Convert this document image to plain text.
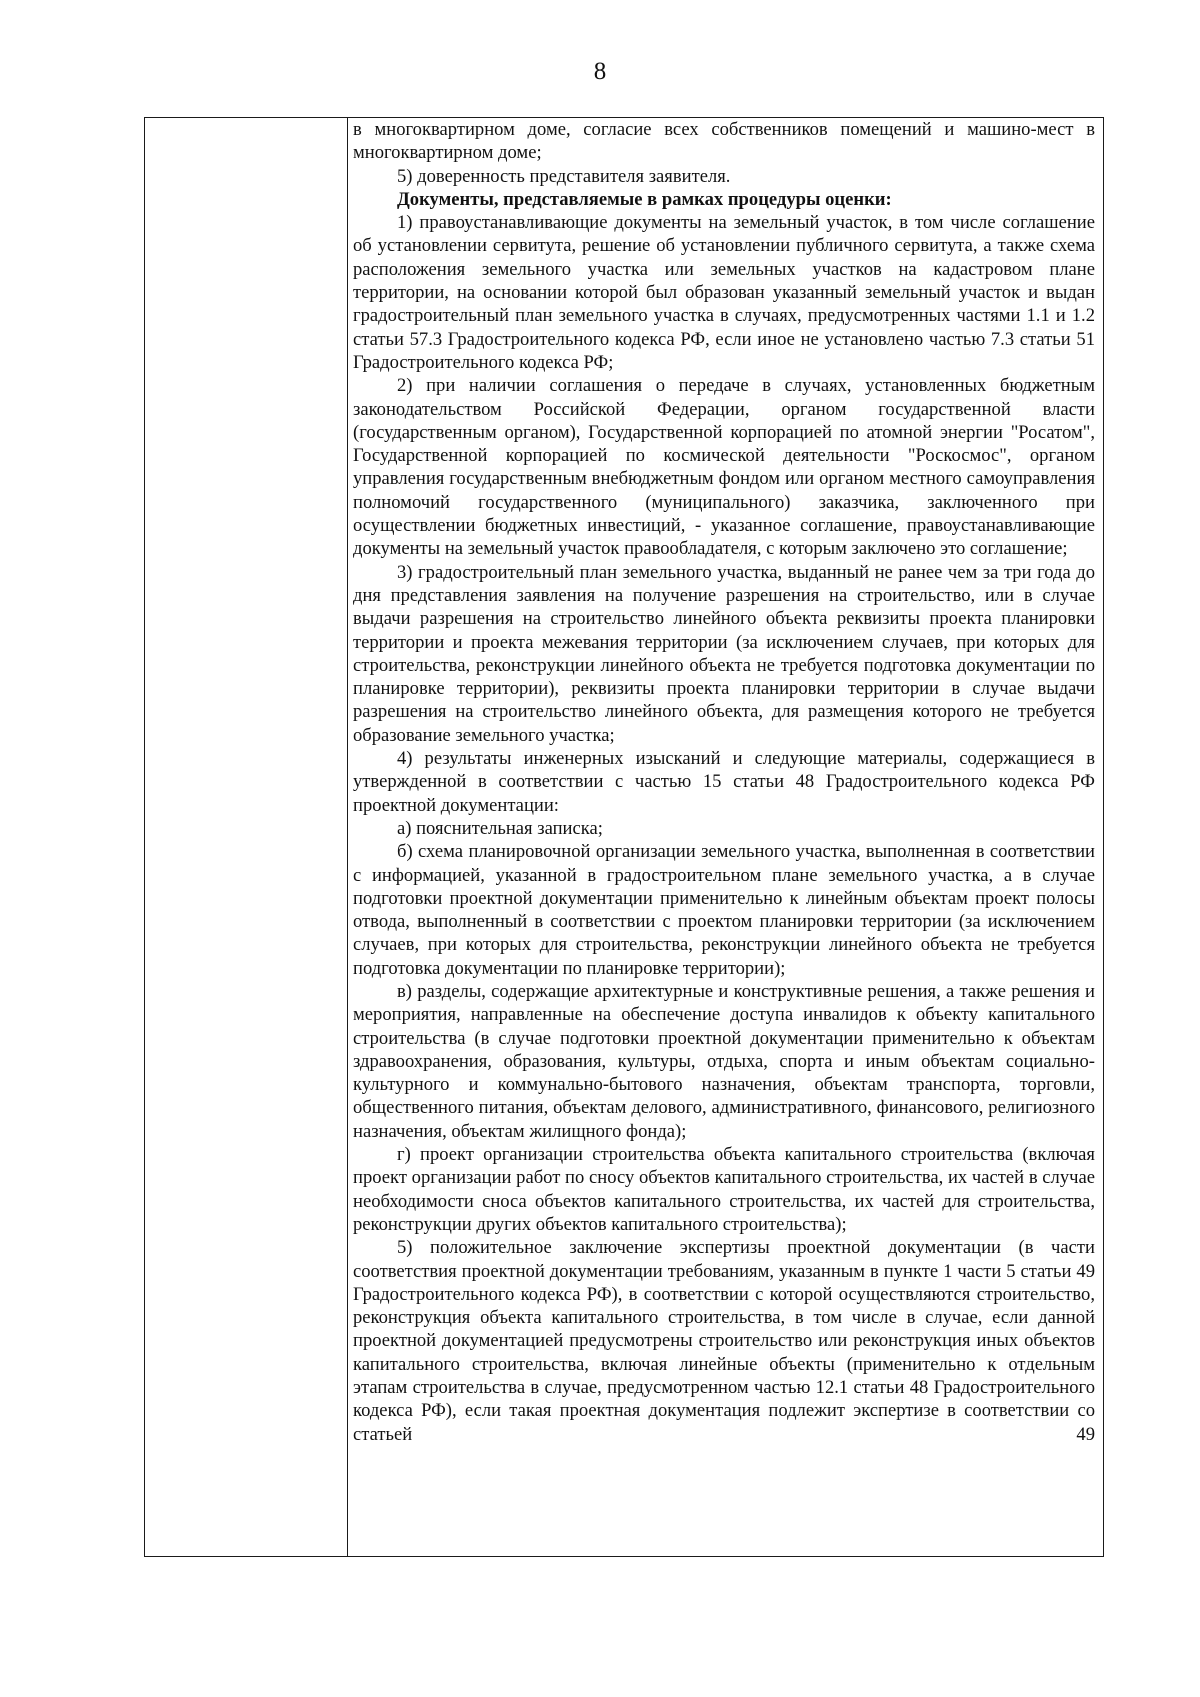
8

в многоквартирном доме, согласие всех собственников помещений и машино-мест в многоквартирном доме;

5) доверенность представителя заявителя.

Документы, представляемые в рамках процедуры оценки:

1) правоустанавливающие документы на земельный участок, в том числе соглашение об установлении сервитута, решение об установлении публичного сервитута, а также схема расположения земельного участка или земельных участков на кадастровом плане территории, на основании которой был образован указанный земельный участок и выдан градостроительный план земельного участка в случаях, предусмотренных частями 1.1 и 1.2 статьи 57.3 Градостроительного кодекса РФ, если иное не установлено частью 7.3 статьи 51 Градостроительного кодекса РФ;

2) при наличии соглашения о передаче в случаях, установленных бюджетным законодательством Российской Федерации, органом государственной власти (государственным органом), Государственной корпорацией по атомной энергии "Росатом", Государственной корпорацией по космической деятельности "Роскосмос", органом управления государственным внебюджетным фондом или органом местного самоуправления полномочий государственного (муниципального) заказчика, заключенного при осуществлении бюджетных инвестиций, - указанное соглашение, правоустанавливающие документы на земельный участок правообладателя, с которым заключено это соглашение;

3) градостроительный план земельного участка, выданный не ранее чем за три года до дня представления заявления на получение разрешения на строительство, или в случае выдачи разрешения на строительство линейного объекта реквизиты проекта планировки территории и проекта межевания территории (за исключением случаев, при которых для строительства, реконструкции линейного объекта не требуется подготовка документации по планировке территории), реквизиты проекта планировки территории в случае выдачи разрешения на строительство линейного объекта, для размещения которого не требуется образование земельного участка;

4) результаты инженерных изысканий и следующие материалы, содержащиеся в утвержденной в соответствии с частью 15 статьи 48 Градостроительного кодекса РФ проектной документации:

а) пояснительная записка;

б) схема планировочной организации земельного участка, выполненная в соответствии с информацией, указанной в градостроительном плане земельного участка, а в случае подготовки проектной документации применительно к линейным объектам проект полосы отвода, выполненный в соответствии с проектом планировки территории (за исключением случаев, при которых для строительства, реконструкции линейного объекта не требуется подготовка документации по планировке территории);

в) разделы, содержащие архитектурные и конструктивные решения, а также решения и мероприятия, направленные на обеспечение доступа инвалидов к объекту капитального строительства (в случае подготовки проектной документации применительно к объектам здравоохранения, образования, культуры, отдыха, спорта и иным объектам социально-культурного и коммунально-бытового назначения, объектам транспорта, торговли, общественного питания, объектам делового, административного, финансового, религиозного назначения, объектам жилищного фонда);

г) проект организации строительства объекта капитального строительства (включая проект организации работ по сносу объектов капитального строительства, их частей в случае необходимости сноса объектов капитального строительства, их частей для строительства, реконструкции других объектов капитального строительства);

5) положительное заключение экспертизы проектной документации (в части соответствия проектной документации требованиям, указанным в пункте 1 части 5 статьи 49 Градостроительного кодекса РФ), в соответствии с которой осуществляются строительство, реконструкция объекта капитального строительства, в том числе в случае, если данной проектной документацией предусмотрены строительство или реконструкция иных объектов капитального строительства, включая линейные объекты (применительно к отдельным этапам строительства в случае, предусмотренном частью 12.1 статьи 48 Градостроительного кодекса РФ), если такая проектная документация подлежит экспертизе в соответствии со статьей 49
